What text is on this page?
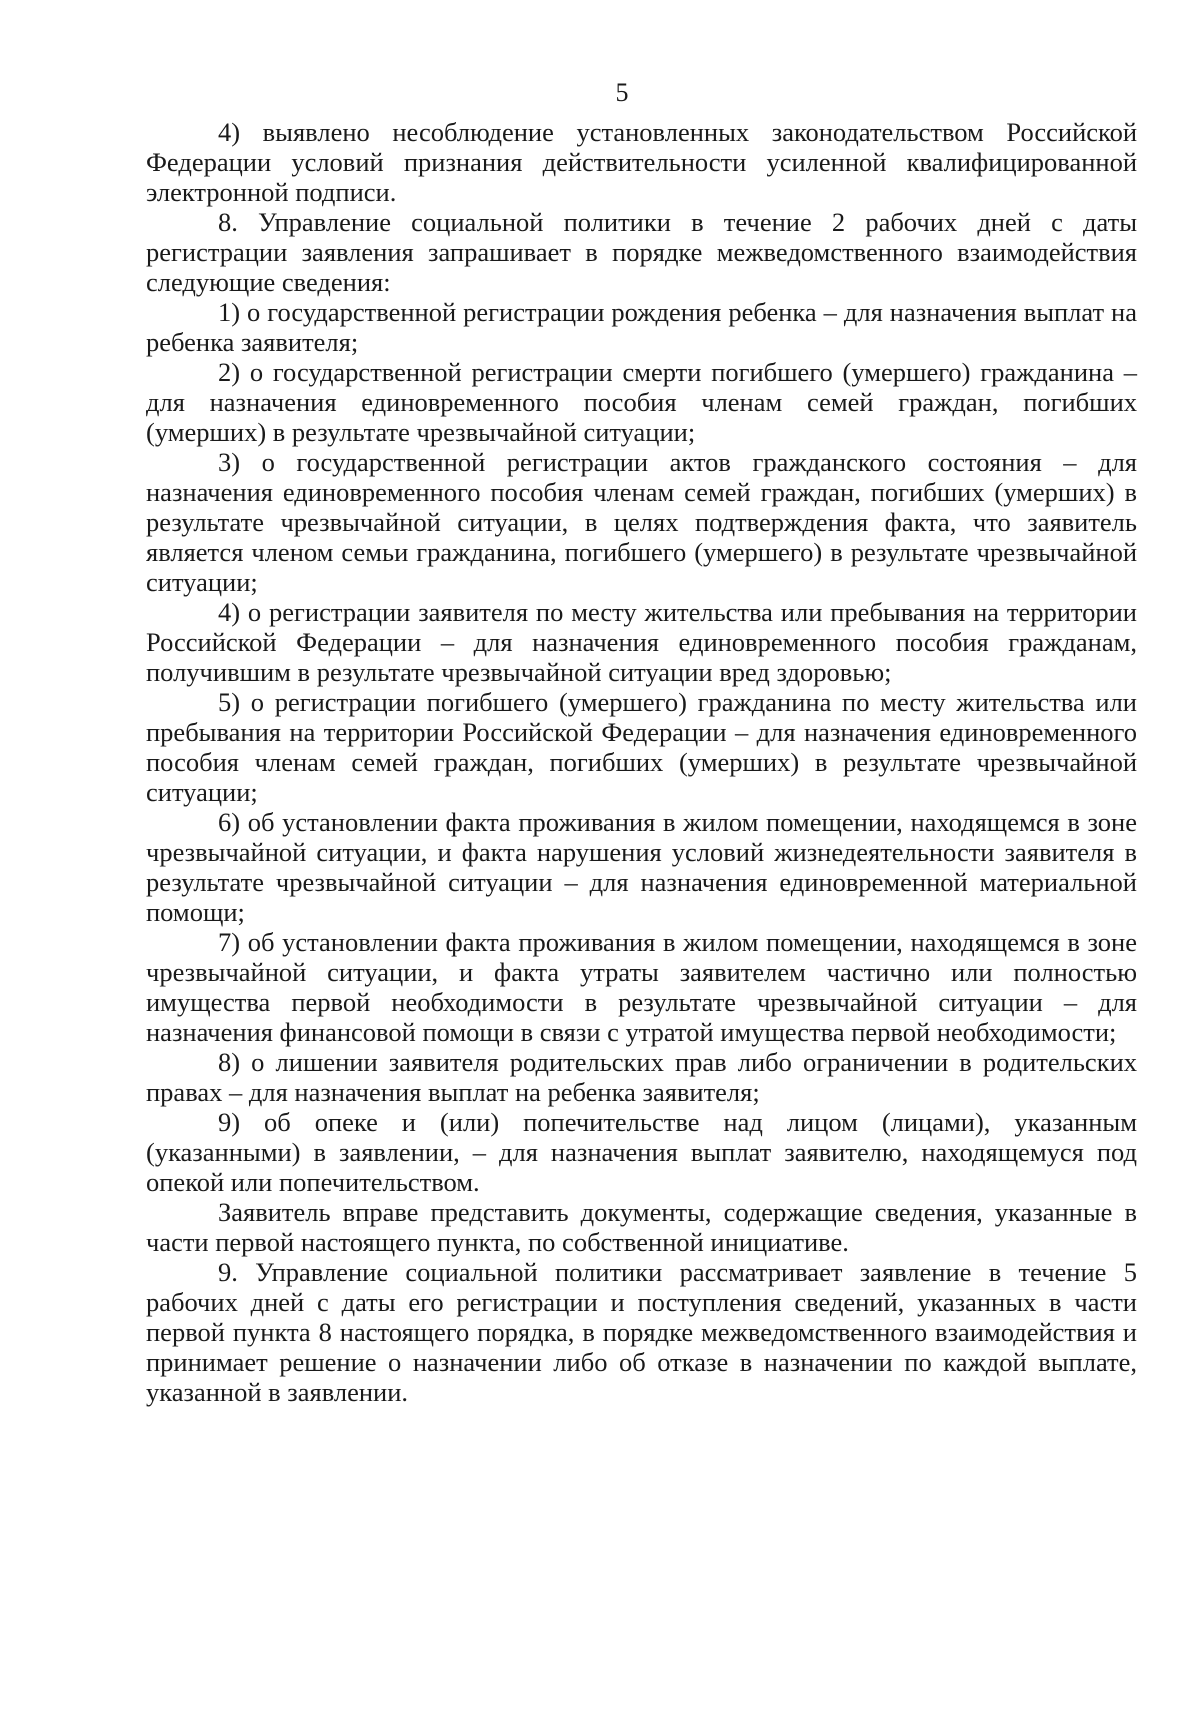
5

4) выявлено несоблюдение установленных законодательством Российской Федерации условий признания действительности усиленной квалифицированной электронной подписи.

8. Управление социальной политики в течение 2 рабочих дней с даты регистрации заявления запрашивает в порядке межведомственного взаимодействия следующие сведения:

1) о государственной регистрации рождения ребенка – для назначения выплат на ребенка заявителя;

2) о государственной регистрации смерти погибшего (умершего) гражданина – для назначения единовременного пособия членам семей граждан, погибших (умерших) в результате чрезвычайной ситуации;

3) о государственной регистрации актов гражданского состояния – для назначения единовременного пособия членам семей граждан, погибших (умерших) в результате чрезвычайной ситуации, в целях подтверждения факта, что заявитель является членом семьи гражданина, погибшего (умершего) в результате чрезвычайной ситуации;

4) о регистрации заявителя по месту жительства или пребывания на территории Российской Федерации – для назначения единовременного пособия гражданам, получившим в результате чрезвычайной ситуации вред здоровью;

5) о регистрации погибшего (умершего) гражданина по месту жительства или пребывания на территории Российской Федерации – для назначения единовременного пособия членам семей граждан, погибших (умерших) в результате чрезвычайной ситуации;

6) об установлении факта проживания в жилом помещении, находящемся в зоне чрезвычайной ситуации, и факта нарушения условий жизнедеятельности заявителя в результате чрезвычайной ситуации – для назначения единовременной материальной помощи;

7) об установлении факта проживания в жилом помещении, находящемся в зоне чрезвычайной ситуации, и факта утраты заявителем частично или полностью имущества первой необходимости в результате чрезвычайной ситуации – для назначения финансовой помощи в связи с утратой имущества первой необходимости;

8) о лишении заявителя родительских прав либо ограничении в родительских правах – для назначения выплат на ребенка заявителя;

9) об опеке и (или) попечительстве над лицом (лицами), указанным (указанными) в заявлении, – для назначения выплат заявителю, находящемуся под опекой или попечительством.

Заявитель вправе представить документы, содержащие сведения, указанные в части первой настоящего пункта, по собственной инициативе.

9. Управление социальной политики рассматривает заявление в течение 5 рабочих дней с даты его регистрации и поступления сведений, указанных в части первой пункта 8 настоящего порядка, в порядке межведомственного взаимодействия и принимает решение о назначении либо об отказе в назначении по каждой выплате, указанной в заявлении.
